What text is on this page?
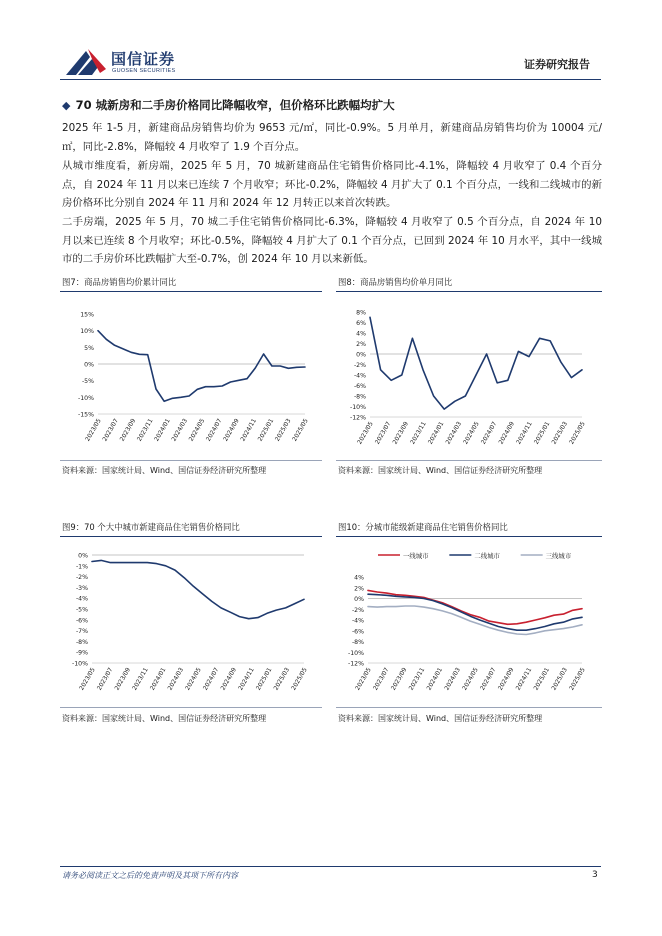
国信证券
GUOSEN SECURITIES	证券研究报告
◆ 70 城新房和二手房价格同比降幅收窄，但价格环比跌幅均扩大
2025 年 1-5 月，新建商品房销售均价为 9653 元/㎡，同比-0.9%。5 月单月，新建商品房销售均价为 10004 元/㎡，同比-2.8%，降幅较 4 月收窄了 1.9 个百分点。
从城市维度看，新房端，2025 年 5 月，70 城新建商品住宅销售价格同比-4.1%，降幅较 4 月收窄了 0.4 个百分点，自 2024 年 11 月以来已连续 7 个月收窄；环比-0.2%，降幅较 4 月扩大了 0.1 个百分点，一线和二线城市的新房价格环比分别自 2024 年 11 月和 2024 年 12 月转正以来首次转跌。
二手房端，2025 年 5 月，70 城二手住宅销售价格同比-6.3%，降幅较 4 月收窄了 0.5 个百分点，自 2024 年 10 月以来已连续 8 个月收窄；环比-0.5%，降幅较 4 月扩大了 0.1 个百分点，已回到 2024 年 10 月水平，其中一线城市的二手房价环比跌幅扩大至-0.7%，创 2024 年 10 月以来新低。
图7：商品房销售均价累计同比
15%
10%
5%
0%
-5%
-10%
-15%
2023/05
2023/07
2023/09
2023/11
2024/01
2024/03
2024/05
2024/07
2024/09
2024/11
2025/01
2025/03
2025/05
资料来源：国家统计局、Wind、国信证券经济研究所整理
图8：商品房销售均价单月同比
8%
6%
4%
2%
0%
-2%
-4%
-6%
-8%
-10%
-12%
2023/05 2023/07 2023/09 2023/11 2024/01 2024/03 2024/05 2024/07 2024/09 2024/11 2025/01 2025/03 2025/05
资料来源：国家统计局、Wind、国信证券经济研究所整理
图9：70 个大中城市新建商品住宅销售价格同比
0%
-1%
-2%
-3%
-4%
-5%
-6%
-7%
-8%
-9%
-10%
2023/05 2023/07 2023/09 2023/11 2024/01 2024/03 2024/05 2024/07 2024/09 2024/11 2025/01 2025/03 2025/05
资料来源：国家统计局、Wind、国信证券经济研究所整理
图10：分城市能级新建商品住宅销售价格同比
4%
2%
0%
-2%
-4%
-6%
-8%
-10%
-12%
2023/05 2023/07 2023/09 2023/11 2024/01 2024/03 2024/05 2024/07 2024/09 2024/11 2025/01 2025/03 2025/05
一线城市	二线城市	三线城市
资料来源：国家统计局、Wind、国信证券经济研究所整理
请务必阅读正文之后的免责声明及其项下所有内容	3
